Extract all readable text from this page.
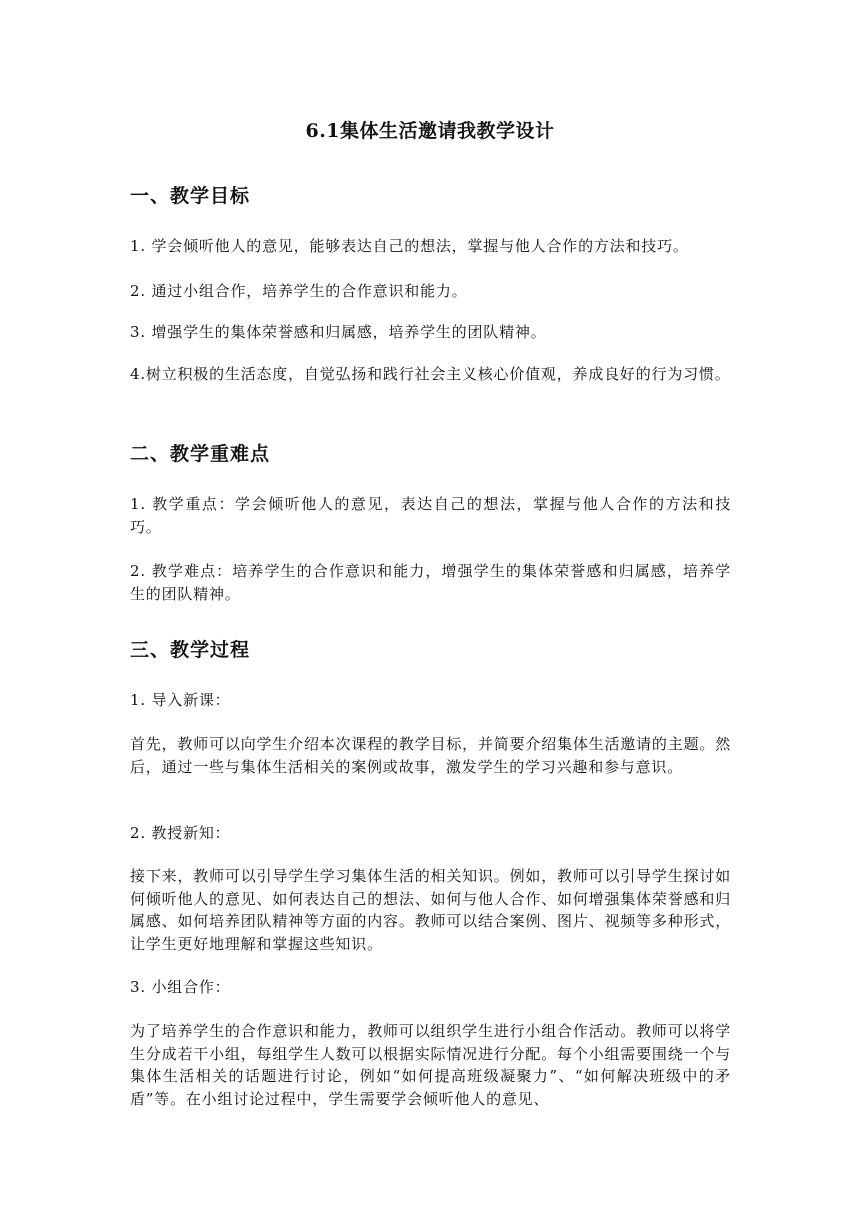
6.1集体生活邀请我教学设计
一、教学目标
1. 学会倾听他人的意见，能够表达自己的想法，掌握与他人合作的方法和技巧。
2. 通过小组合作，培养学生的合作意识和能力。
3. 增强学生的集体荣誉感和归属感，培养学生的团队精神。
4.树立积极的生活态度，自觉弘扬和践行社会主义核心价值观，养成良好的行为习惯。
二、教学重难点
1. 教学重点：学会倾听他人的意见，表达自己的想法，掌握与他人合作的方法和技巧。
2. 教学难点：培养学生的合作意识和能力，增强学生的集体荣誉感和归属感，培养学生的团队精神。
三、教学过程
1. 导入新课：
首先，教师可以向学生介绍本次课程的教学目标，并简要介绍集体生活邀请的主题。然后，通过一些与集体生活相关的案例或故事，激发学生的学习兴趣和参与意识。
2. 教授新知：
接下来，教师可以引导学生学习集体生活的相关知识。例如，教师可以引导学生探讨如何倾听他人的意见、如何表达自己的想法、如何与他人合作、如何增强集体荣誉感和归属感、如何培养团队精神等方面的内容。教师可以结合案例、图片、视频等多种形式，让学生更好地理解和掌握这些知识。
3. 小组合作：
为了培养学生的合作意识和能力，教师可以组织学生进行小组合作活动。教师可以将学生分成若干小组，每组学生人数可以根据实际情况进行分配。每个小组需要围绕一个与集体生活相关的话题进行讨论，例如“如何提高班级凝聚力”、“如何解决班级中的矛盾”等。在小组讨论过程中，学生需要学会倾听他人的意见、
